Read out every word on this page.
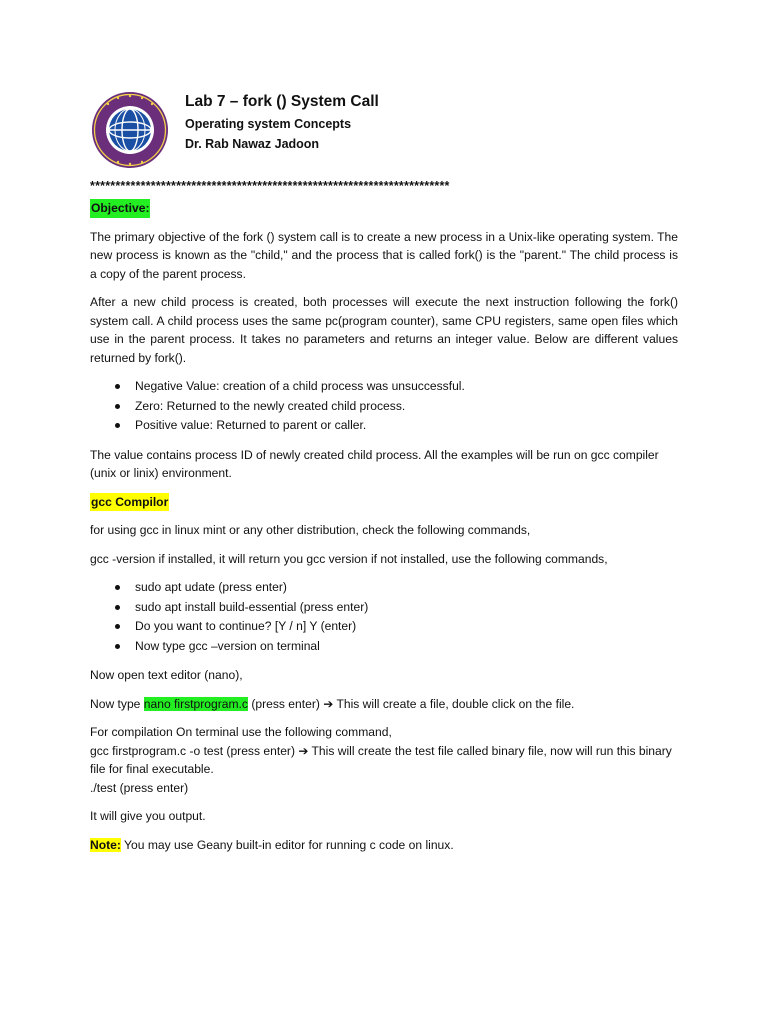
Lab 7 – fork () System Call

Operating system Concepts

Dr. Rab Nawaz Jadoon

***********************************************************************

Objective:

The primary objective of the fork () system call is to create a new process in a Unix-like operating system. The new process is known as the "child," and the process that is called fork() is the "parent." The child process is a copy of the parent process.

After a new child process is created, both processes will execute the next instruction following the fork() system call. A child process uses the same pc(program counter), same CPU registers, same open files which use in the parent process. It takes no parameters and returns an integer value. Below are different values returned by fork().

Negative Value: creation of a child process was unsuccessful.
Zero: Returned to the newly created child process.
Positive value: Returned to parent or caller.

The value contains process ID of newly created child process. All the examples will be run on gcc compiler (unix or linix) environment.

gcc Compilor

for using gcc in linux mint or any other distribution, check the following commands,

gcc -version if installed, it will return you gcc version if not installed, use the following commands,

sudo apt udate (press enter)
sudo apt install build-essential (press enter)
Do you want to continue? [Y / n] Y (enter)
Now type gcc –version on terminal

Now open text editor (nano),

Now type nano firstprogram.c (press enter) ➔ This will create a file, double click on the file.

For compilation On terminal use the following command,
gcc firstprogram.c -o test (press enter) ➔ This will create the test file called binary file, now will run this binary file for final executable.
./test (press enter)

It will give you output.

Note: You may use Geany built-in editor for running c code on linux.
